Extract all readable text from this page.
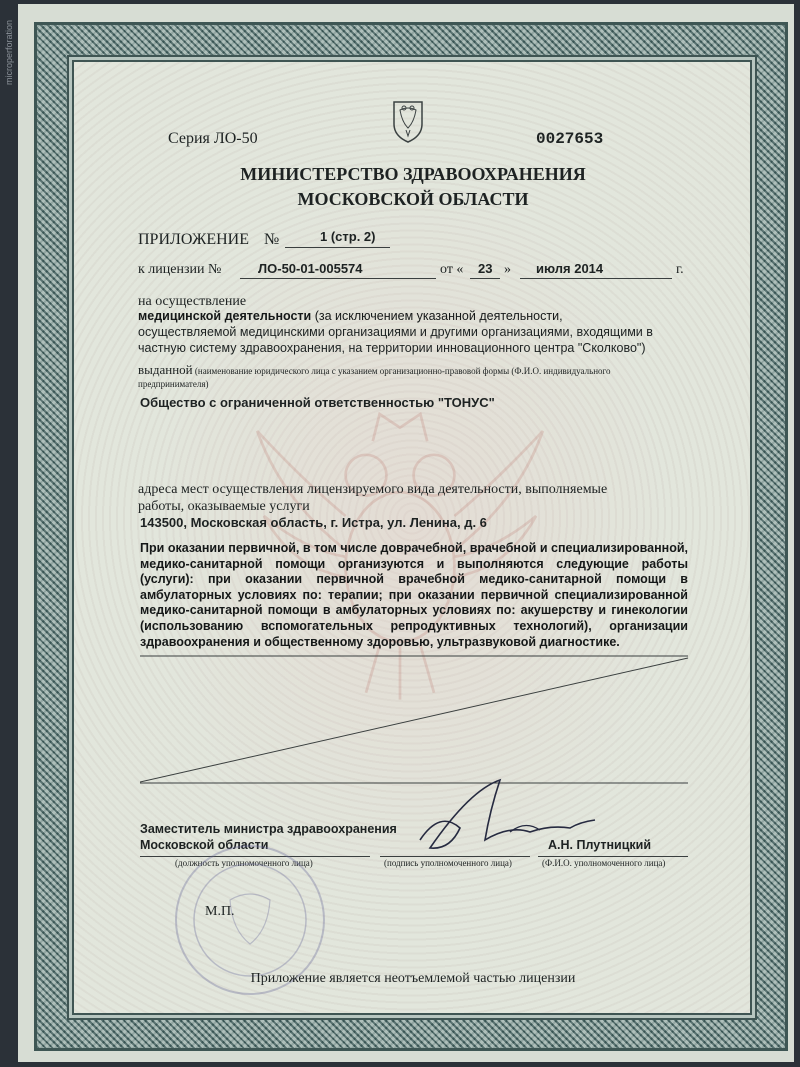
microperforation
Серия ЛО-50	0027653
МИНИСТЕРСТВО ЗДРАВООХРАНЕНИЯ
МОСКОВСКОЙ ОБЛАСТИ
ПРИЛОЖЕНИЕ №	1 (стр. 2)
к лицензии №	ЛО-50-01-005574	от « 23 » июля 2014	г.
на осуществление
медицинской деятельности (за исключением указанной деятельности,
осуществляемой медицинскими организациями и другими организациями, входящими в
частную систему здравоохранения, на территории инновационного центра "Сколково")
выданной (наименование юридического лица с указанием организационно-правовой формы (Ф.И.О. индивидуального
предпринимателя)
Общество с ограниченной ответственностью "ТОНУС"
адреса мест осуществления лицензируемого вида деятельности, выполняемые
работы, оказываемые услуги
143500, Московская область, г. Истра, ул. Ленина, д. 6
При оказании первичной, в том числе доврачебной, врачебной и специализированной, медико-санитарной помощи организуются и выполняются следующие работы (услуги): при оказании первичной врачебной медико-санитарной помощи в амбулаторных условиях по: терапии; при оказании первичной специализированной медико-санитарной помощи в амбулаторных условиях по: акушерству и гинекологии (использованию вспомогательных репродуктивных технологий), организации здравоохранения и общественному здоровью, ультразвуковой диагностике.
Заместитель министра здравоохранения
Московской области
(должность уполномоченного лица)	(подпись уполномоченного лица)
А.Н. Плутницкий
(Ф.И.О. уполномоченного лица)
М.П.
Приложение является неотъемлемой частью лицензии
